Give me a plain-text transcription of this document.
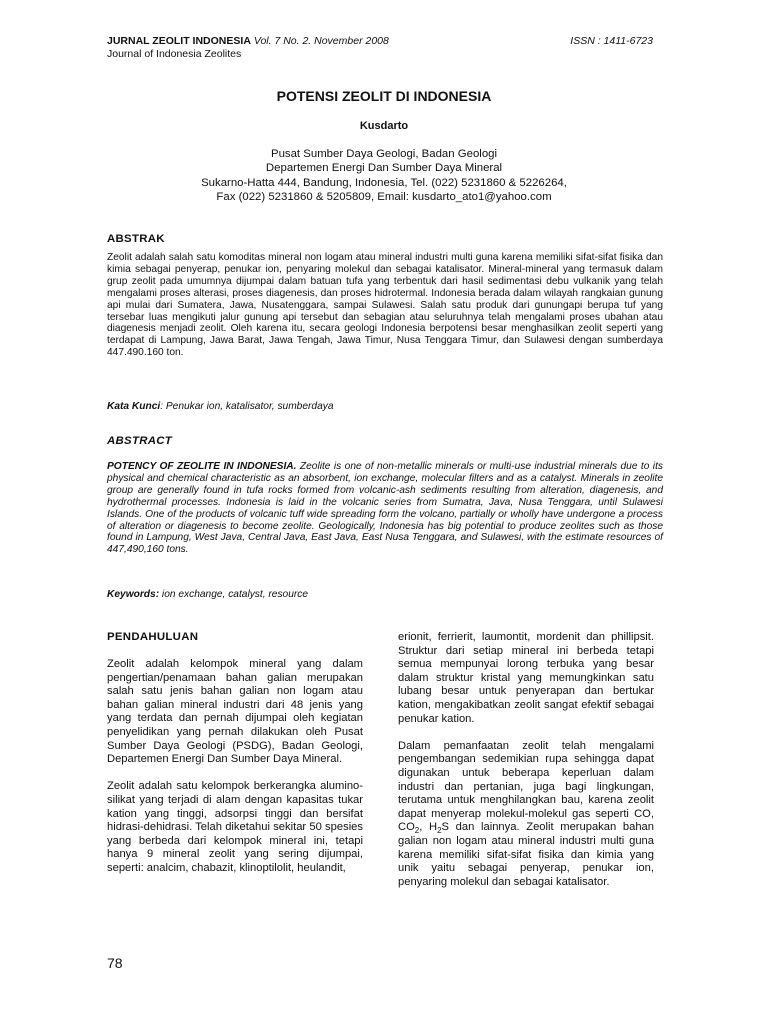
JURNAL ZEOLIT INDONESIA Vol. 7 No. 2. November 2008	ISSN : 1411-6723
Journal of Indonesia Zeolites
POTENSI ZEOLIT DI INDONESIA
Kusdarto
Pusat Sumber Daya Geologi, Badan Geologi
Departemen Energi Dan Sumber Daya Mineral
Sukarno-Hatta 444, Bandung, Indonesia, Tel. (022) 5231860 & 5226264,
Fax (022) 5231860 & 5205809, Email: kusdarto_ato1@yahoo.com
ABSTRAK
Zeolit adalah salah satu komoditas mineral non logam atau mineral industri multi guna karena memiliki sifat-sifat fisika dan kimia sebagai penyerap, penukar ion, penyaring molekul dan sebagai katalisator. Mineral-mineral yang termasuk dalam grup zeolit pada umumnya dijumpai dalam batuan tufa yang terbentuk dari hasil sedimentasi debu vulkanik yang telah mengalami proses alterasi, proses diagenesis, dan proses hidrotermal. Indonesia berada dalam wilayah rangkaian gunung api mulai dari Sumatera, Jawa, Nusatenggara, sampai Sulawesi. Salah satu produk dari gunungapi berupa tuf yang tersebar luas mengikuti jalur gunung api tersebut dan sebagian atau seluruhnya telah mengalami proses ubahan atau diagenesis menjadi zeolit. Oleh karena itu, secara geologi Indonesia berpotensi besar menghasilkan zeolit seperti yang terdapat di Lampung, Jawa Barat, Jawa Tengah, Jawa Timur, Nusa Tenggara Timur, dan Sulawesi dengan sumberdaya 447.490.160 ton.
Kata Kunci: Penukar ion, katalisator, sumberdaya
ABSTRACT
POTENCY OF ZEOLITE IN INDONESIA. Zeolite is one of non-metallic minerals or multi-use industrial minerals due to its physical and chemical characteristic as an absorbent, ion exchange, molecular filters and as a catalyst. Minerals in zeolite group are generally found in tufa rocks formed from volcanic-ash sediments resulting from alteration, diagenesis, and hydrothermal processes. Indonesia is laid in the volcanic series from Sumatra, Java, Nusa Tenggara, until Sulawesi Islands. One of the products of volcanic tuff wide spreading form the volcano, partially or wholly have undergone a process of alteration or diagenesis to become zeolite. Geologically, Indonesia has big potential to produce zeolites such as those found in Lampung, West Java, Central Java, East Java, East Nusa Tenggara, and Sulawesi, with the estimate resources of 447,490,160 tons.
Keywords: ion exchange, catalyst, resource
PENDAHULUAN

Zeolit adalah kelompok mineral yang dalam pengertian/penamaan bahan galian merupakan salah satu jenis bahan galian non logam atau bahan galian mineral industri dari 48 jenis yang yang terdata dan pernah dijumpai oleh kegiatan penyelidikan yang pernah dilakukan oleh Pusat Sumber Daya Geologi (PSDG), Badan Geologi, Departemen Energi Dan Sumber Daya Mineral.

Zeolit adalah satu kelompok berkerangka alumino-silikat yang terjadi di alam dengan kapasitas tukar kation yang tinggi, adsorpsi tinggi dan bersifat hidrasi-dehidrasi. Telah diketahui sekitar 50 spesies yang berbeda dari kelompok mineral ini, tetapi hanya 9 mineral zeolit yang sering dijumpai, seperti: analcim, chabazit, klinoptilolit, heulandit,

erionit, ferrierit, laumontit, mordenit dan phillipsit. Struktur dari setiap mineral ini berbeda tetapi semua mempunyai lorong terbuka yang besar dalam struktur kristal yang memungkinkan satu lubang besar untuk penyerapan dan bertukar kation, mengakibatkan zeolit sangat efektif sebagai penukar kation.

Dalam pemanfaatan zeolit telah mengalami pengembangan sedemikian rupa sehingga dapat digunakan untuk beberapa keperluan dalam industri dan pertanian, juga bagi lingkungan, terutama untuk menghilangkan bau, karena zeolit dapat menyerap molekul-molekul gas seperti CO, $CO_2$, $H_2S$ dan lainnya. Zeolit merupakan bahan galian non logam atau mineral industri multi guna karena memiliki sifat-sifat fisika dan kimia yang unik yaitu sebagai penyerap, penukar ion, penyaring molekul dan sebagai katalisator.

78
